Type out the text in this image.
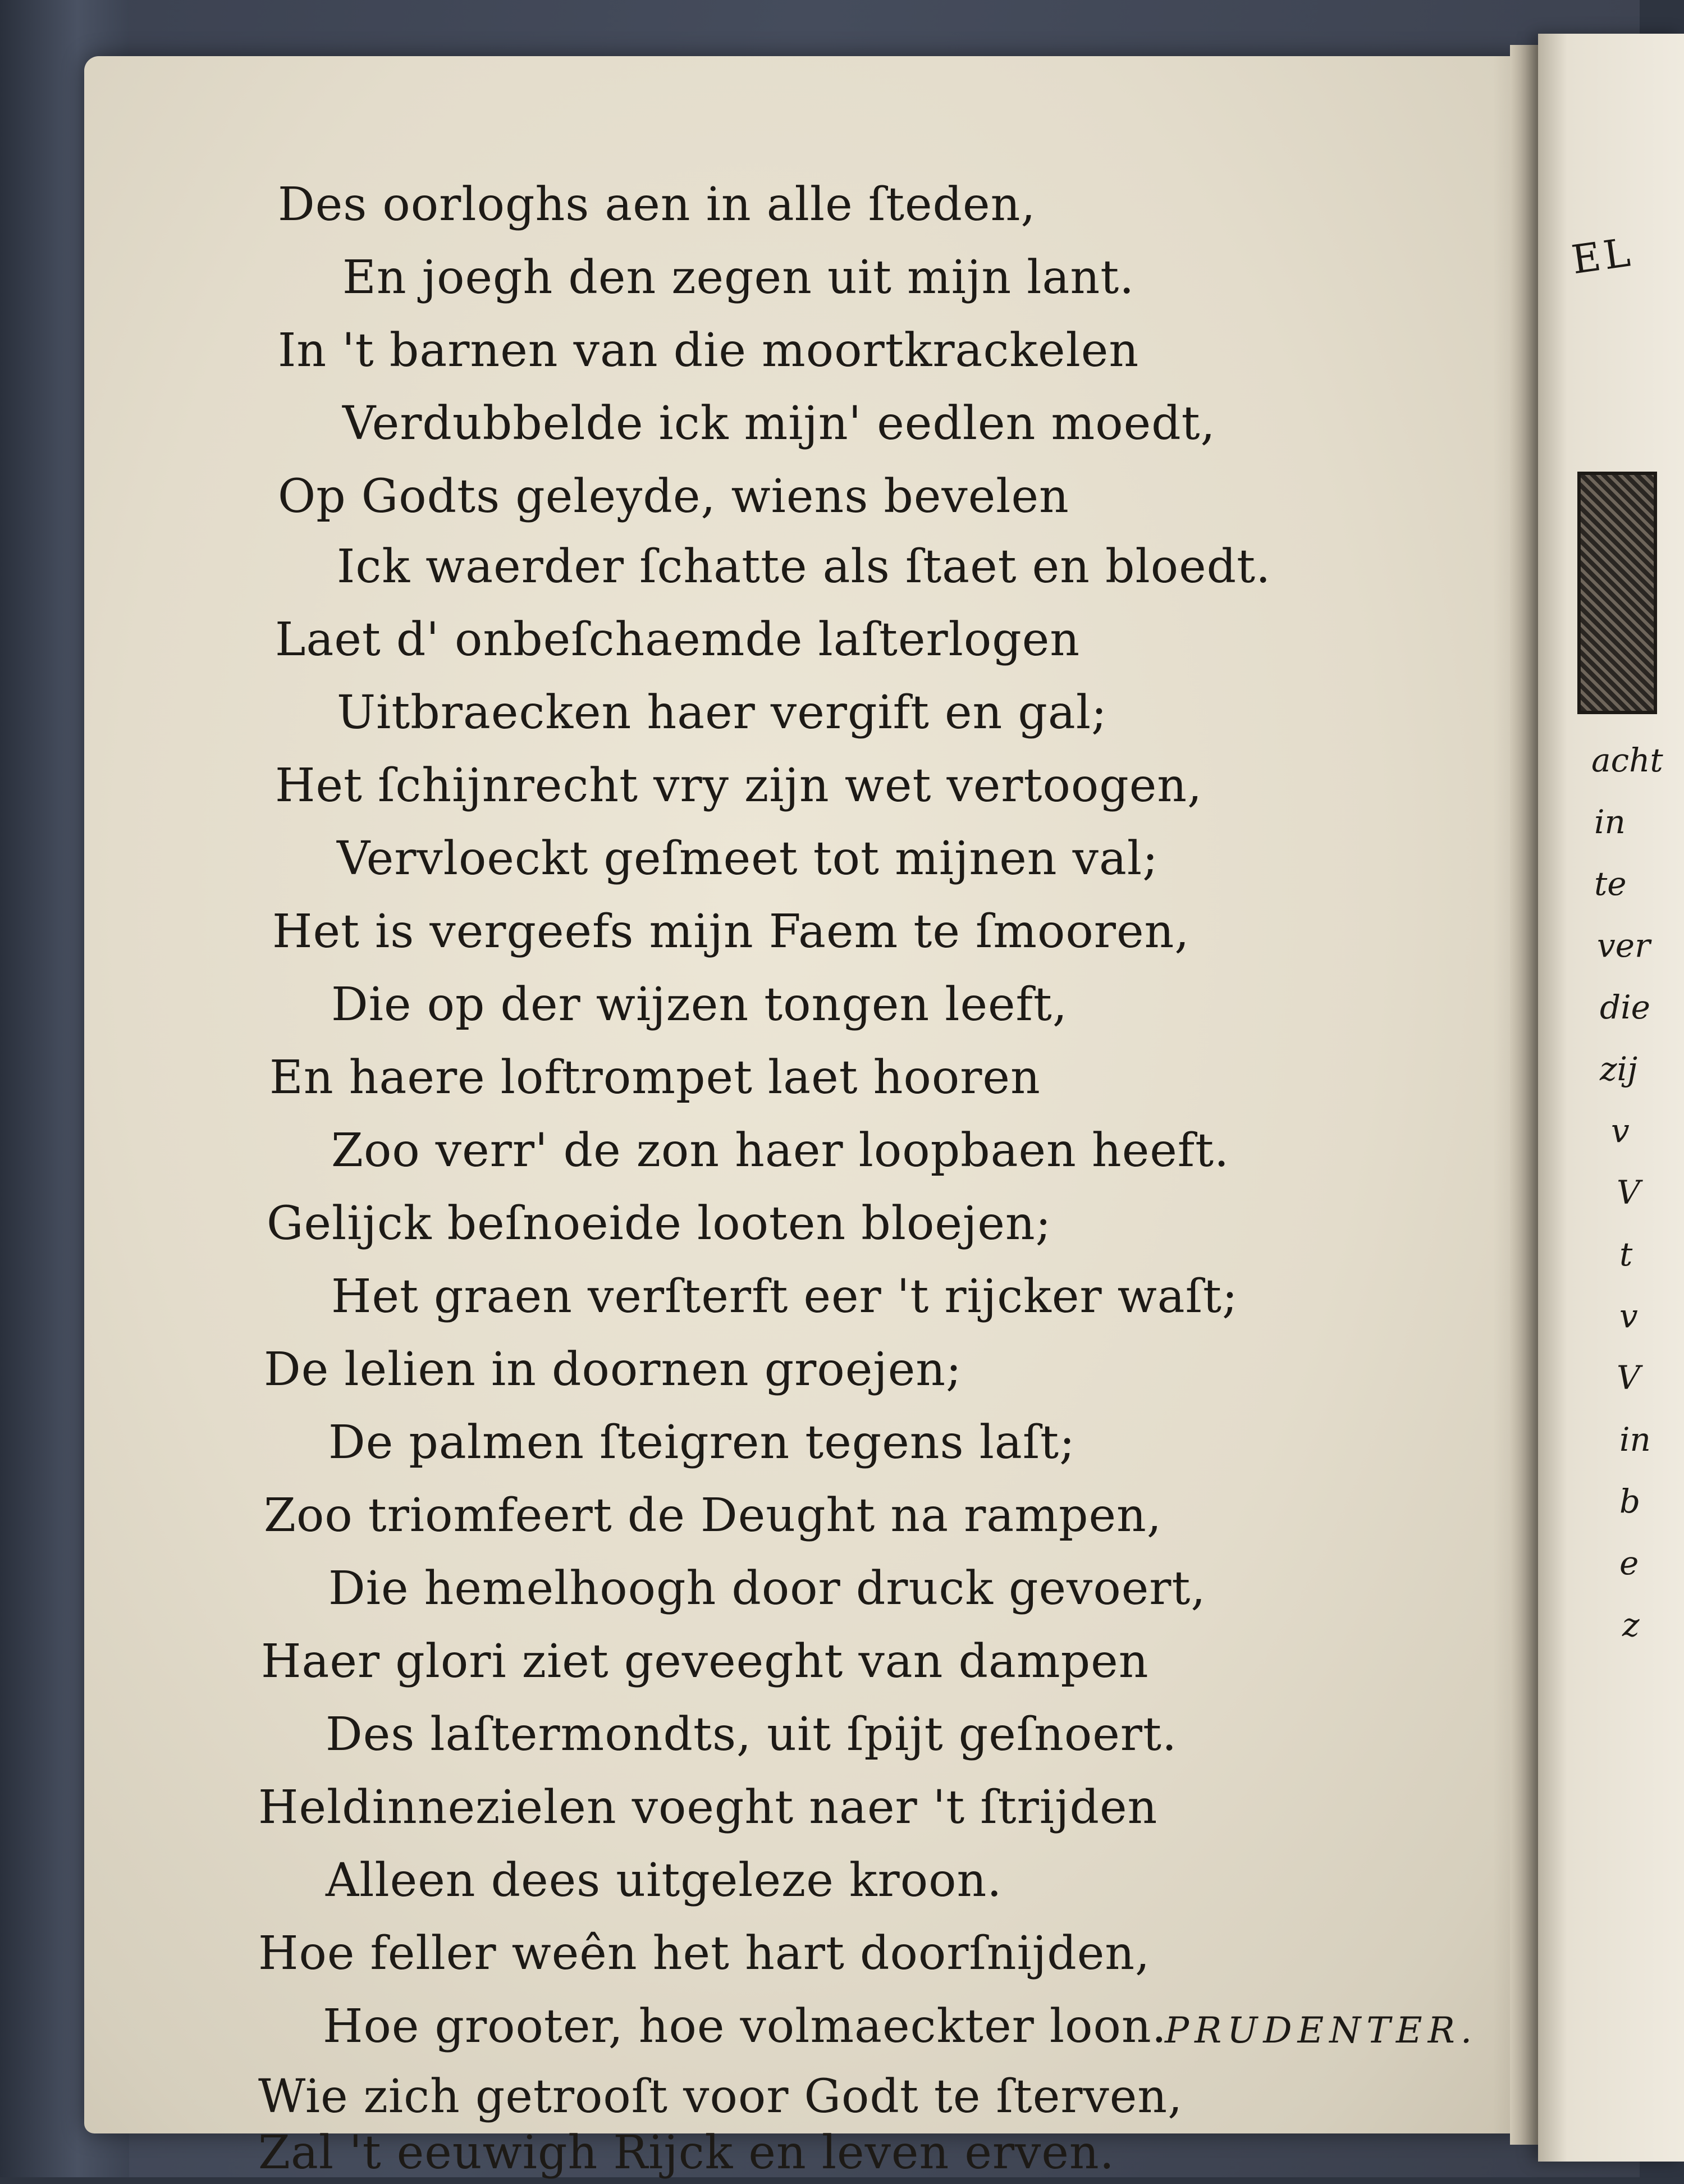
Des oorloghs aen in alle ſteden,
En joegh den zegen uit mijn lant.
In 't barnen van die moortkrackelen
Verdubbelde ick mijn' eedlen moedt,
Op Godts geleyde, wiens bevelen
Ick waerder ſchatte als ſtaet en bloedt.
Laet d' onbeſchaemde laſterlogen
Uitbraecken haer vergift en gal;
Het ſchijnrecht vry zijn wet vertoogen,
Vervloeckt geſmeet tot mijnen val;
Het is vergeefs mijn Faem te ſmooren,
Die op der wijzen tongen leeft,
En haere loftrompet laet hooren
Zoo verr' de zon haer loopbaen heeft.
Gelijck beſnoeide looten bloejen;
Het graen verſterft eer 't rijcker waſt;
De lelien in doornen groejen;
De palmen ſteigren tegens laſt;
Zoo triomfeert de Deught na rampen,
Die hemelhoogh door druck gevoert,
Haer glori ziet geveeght van dampen
Des laſtermondts, uit ſpijt geſnoert.
Heldinnezielen voeght naer 't ſtrijden
Alleen dees uitgeleze kroon.
Hoe feller weên het hart doorſnijden,
Hoe grooter, hoe volmaeckter loon.
Wie zich getrooſt voor Godt te ſterven,
Zal 't eeuwigh Rijck en leven erven.
PRUDENTER.
EL
acht
in
te
ver
die
zij
v
V
t
v
V
in
b
e
z
